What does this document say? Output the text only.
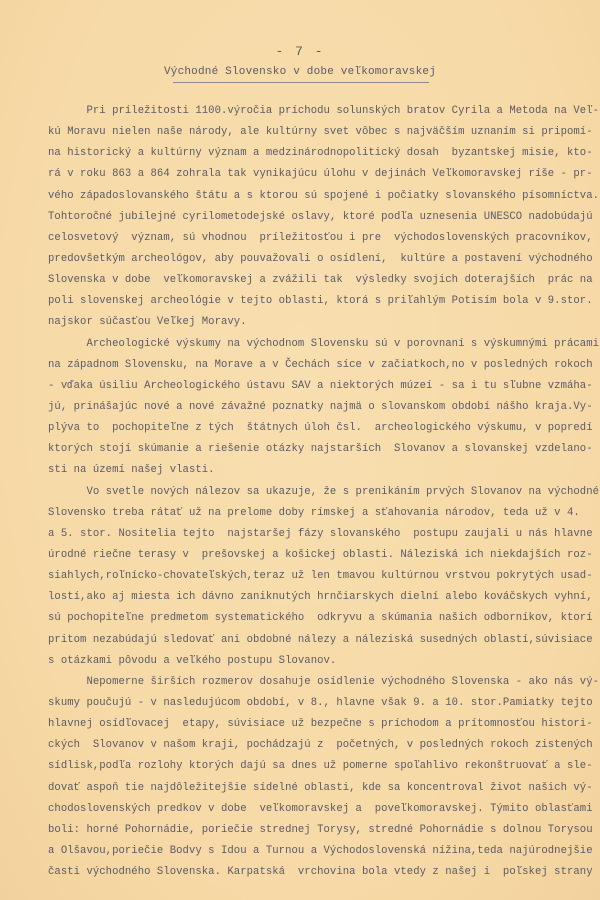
- 7 -
Východné Slovensko v dobe veľkomoravskej
Pri príležitosti 1100.výročia príchodu solunských bratov Cyrila a Metoda na Veľ-
kú Moravu nielen naše národy, ale kultúrny svet vôbec s najväčším uznaním si pripomí-
na historický a kultúrny význam a medzinárodnopolitický dosah  byzantskej misie, kto-
rá v roku 863 a 864 zohrala tak vynikajúcu úlohu v dejinách Veľkomoravskej ríše - pr-
vého západoslovanského štátu a s ktorou sú spojené i počiatky slovanského písomníctva.
Tohtoročné jubilejné cyrilometodejské oslavy, ktoré podľa uznesenia UNESCO nadobúdajú
celosvetový  význam, sú vhodnou  príležitosťou i pre  východoslovenských pracovníkov,
predovšetkým archeológov, aby pouvažovali o osídlení,  kultúre a postavení východného
Slovenska v dobe  veľkomoravskej a zvážili tak  výsledky svojich doterajších  prác na
poli slovenskej archeológie v tejto oblasti, ktorá s priľahlým Potisím bola v 9.stor.
najskor súčasťou Veľkej Moravy.
Archeologické výskumy na východnom Slovensku sú v porovnaní s výskumnými prácami
na západnom Slovensku, na Morave a v Čechách síce v začiatkoch,no v posledných rokoch
- vďaka úsiliu Archeologického ústavu SAV a niektorých múzeí - sa i tu sľubne vzmáha-
jú, prinášajúc nové a nové závažné poznatky najmä o slovanskom období nášho kraja.Vy-
plýva to  pochopiteľne z tých  štátnych úloh čsl.  archeologického výskumu, v popredí
ktorých stojí skúmanie a riešenie otázky najstarších  Slovanov a slovanskej vzdelano-
sti na území našej vlasti.
Vo svetle nových nálezov sa ukazuje, že s prenikáním prvých Slovanov na východné
Slovensko treba rátať už na prelome doby rímskej a sťahovania národov, teda už v 4.
a 5. stor. Nositelia tejto  najstaršej fázy slovanského  postupu zaujali u nás hlavne
úrodné riečne terasy v  prešovskej a košickej oblasti. Náleziská ich niekdajších roz-
siahlych,roľnícko-chovateľských,teraz už len tmavou kultúrnou vrstvou pokrytých usad-
lostí,ako aj miesta ich dávno zaniknutých hrnčiarskych dielní alebo kováčskych vyhní,
sú pochopiteľne predmetom systematického  odkryvu a skúmania našich odborníkov, ktorí
pritom nezabúdajú sledovať ani obdobné nálezy a náleziská susedných oblastí,súvisiace
s otázkami pôvodu a veľkého postupu Slovanov.
Nepomerne širších rozmerov dosahuje osídlenie východného Slovenska - ako nás vý-
skumy poučujú - v nasledujúcom období, v 8., hlavne však 9. a 10. stor.Pamiatky tejto
hlavnej osídľovacej  etapy, súvisiace už bezpečne s príchodom a prítomnosťou histori-
ckých  Slovanov v našom kraji, pochádzajú z  početných, v posledných rokoch zistených
sídlisk,podľa rozlohy ktorých dajú sa dnes už pomerne spoľahlivo rekonštruovať a sle-
dovať aspoň tie najdôležitejšie sídelné oblasti, kde sa koncentroval život našich vý-
chodoslovenských predkov v dobe  veľkomoravskej a  poveľkomoravskej. Týmito oblasťami
boli: horné Pohornádie, poriečie strednej Torysy, stredné Pohornádie s dolnou Torysou
a Olšavou,poriečie Bodvy s Idou a Turnou a Východoslovenská nížina,teda najúrodnejšie
časti východného Slovenska. Karpatská  vrchovina bola vtedy z našej i  poľskej strany
